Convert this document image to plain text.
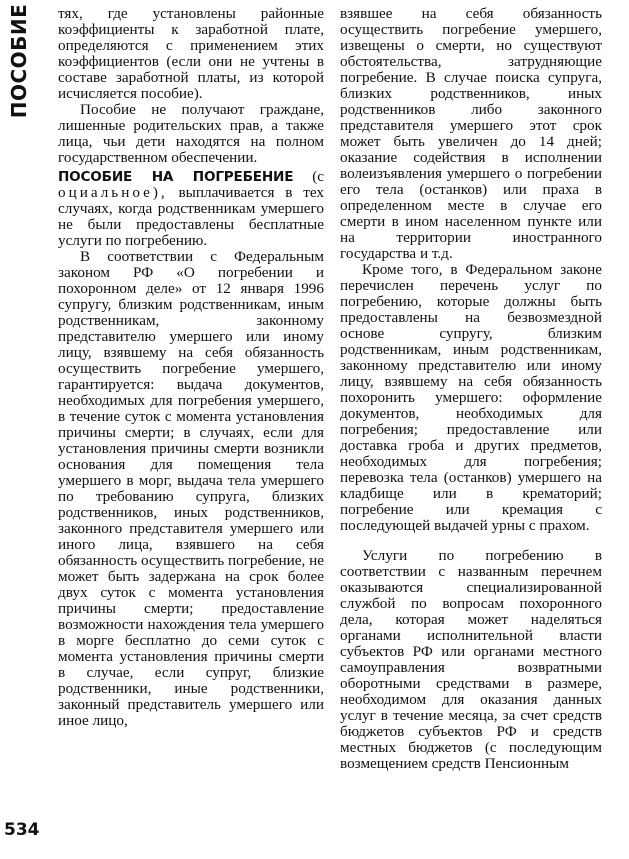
ПОСОБИЕ тях, где установлены районные коэффициенты к заработной плате, определяются с применением этих коэффициентов (если они не учтены в составе заработной платы, из которой исчисляется пособие).

Пособие не получают граждане, лишенные родительских прав, а также лица, чьи дети находятся на полном государственном обеспечении.

ПОСОБИЕ НА ПОГРЕБЕНИЕ (с оциальное), выплачивается в тех случаях, когда родственникам умершего не были предоставлены бесплатные услуги по погребению.

В соответствии с Федеральным законом РФ «О погребении и похоронном деле» от 12 января 1996 супругу, близким родственникам, иным родственникам, законному представителю умершего или иному лицу, взявшему на себя обязанность осуществить погребение умершего, гарантируется: выдача документов, необходимых для погребения умершего, в течение суток с момента установления причины смерти; в случаях, если для установления причины смерти возникли основания для помещения тела умершего в морг, выдача тела умершего по требованию супруга, близких родственников, иных родственников, законного представителя умершего или иного лица, взявшего на себя обязанность осуществить погребение, не может быть задержана на срок более двух суток с момента установления причины смерти; предоставление возможности нахождения тела умершего в морге бесплатно до семи суток с момента установления причины смерти в случае, если супруг, близкие родственники, иные родственники, законный представитель умершего или иное лицо,

взявшее на себя обязанность осуществить погребение умершего, извещены о смерти, но существуют обстоятельства, затрудняющие погребение. В случае поиска супруга, близких родственников, иных родственников либо законного представителя умершего этот срок может быть увеличен до 14 дней; оказание содействия в исполнении волеизъявления умершего о погребении его тела (останков) или праха в определенном месте в случае его смерти в ином населенном пункте или на территории иностранного государства и т.д.

Кроме того, в Федеральном законе перечислен перечень услуг по погребению, которые должны быть предоставлены на безвозмездной основе супругу, близким родственникам, иным родственникам, законному представителю или иному лицу, взявшему на себя обязанность похоронить умершего: оформление документов, необходимых для погребения; предоставление или доставка гроба и других предметов, необходимых для погребения; перевозка тела (останков) умершего на кладбище или в крематорий; погребение или кремация с последующей выдачей урны с прахом.

Услуги по погребению в соответствии с названным перечнем оказываются специализированной службой по вопросам похоронного дела, которая может наделяться органами исполнительной власти субъектов РФ или органами местного самоуправления возвратными оборотными средствами в размере, необходимом для оказания данных услуг в течение месяца, за счет средств бюджетов субъектов РФ и средств местных бюджетов (с последующим возмещением средств Пенсионным

534
